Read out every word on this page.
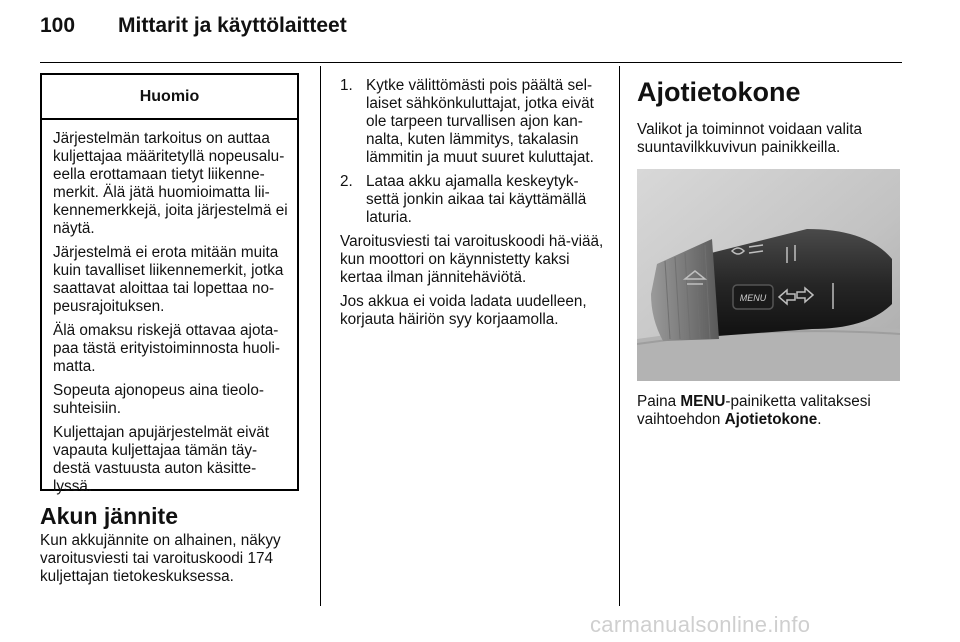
100 Mittarit ja käyttölaitteet
Huomio

Järjestelmän tarkoitus on auttaa kuljettajaa määritetyllä nopeusalu-eella erottamaan tietyt liikenne-merkit. Älä jätä huomioimatta lii-kennemerkkejä, joita järjestelmä ei näytä.

Järjestelmä ei erota mitään muita kuin tavalliset liikennemerkit, jotka saattavat aloittaa tai lopettaa no-peusrajoituksen.

Älä omaksu riskejä ottavaa ajota-paa tästä erityistoiminnosta huoli-matta.

Sopeuta ajonopeus aina tieolo-suhteisiin.

Kuljettajan apujärjestelmät eivät vapauta kuljettajaa tämän täy-destä vastuusta auton käsitte-lyssä.

Akun jännite

Kun akkujännite on alhainen, näkyy varoitusviesti tai varoituskoodi 174 kuljettajan tietokeskuksessa.

1. Kytke välittömästi pois päältä sel-laiset sähkönkuluttajat, jotka eivät ole tarpeen turvallisen ajon kan-nalta, kuten lämmitys, takalasin lämmitin ja muut suuret kuluttajat.
2. Lataa akku ajamalla keskeytyk-settä jonkin aikaa tai käyttämällä laturia.

Varoitusviesti tai varoituskoodi hä-viää, kun moottori on käynnistetty kaksi kertaa ilman jännitehäviötä.

Jos akkua ei voida ladata uudelleen, korjauta häiriön syy korjaamolla.

Ajotietokone

Valikot ja toiminnot voidaan valita suuntavilkkuvivun painikkeilla.

MENU

Paina MENU-painiketta valitaksesi vaihtoehdon Ajotietokone.

carmanualsonline.info
